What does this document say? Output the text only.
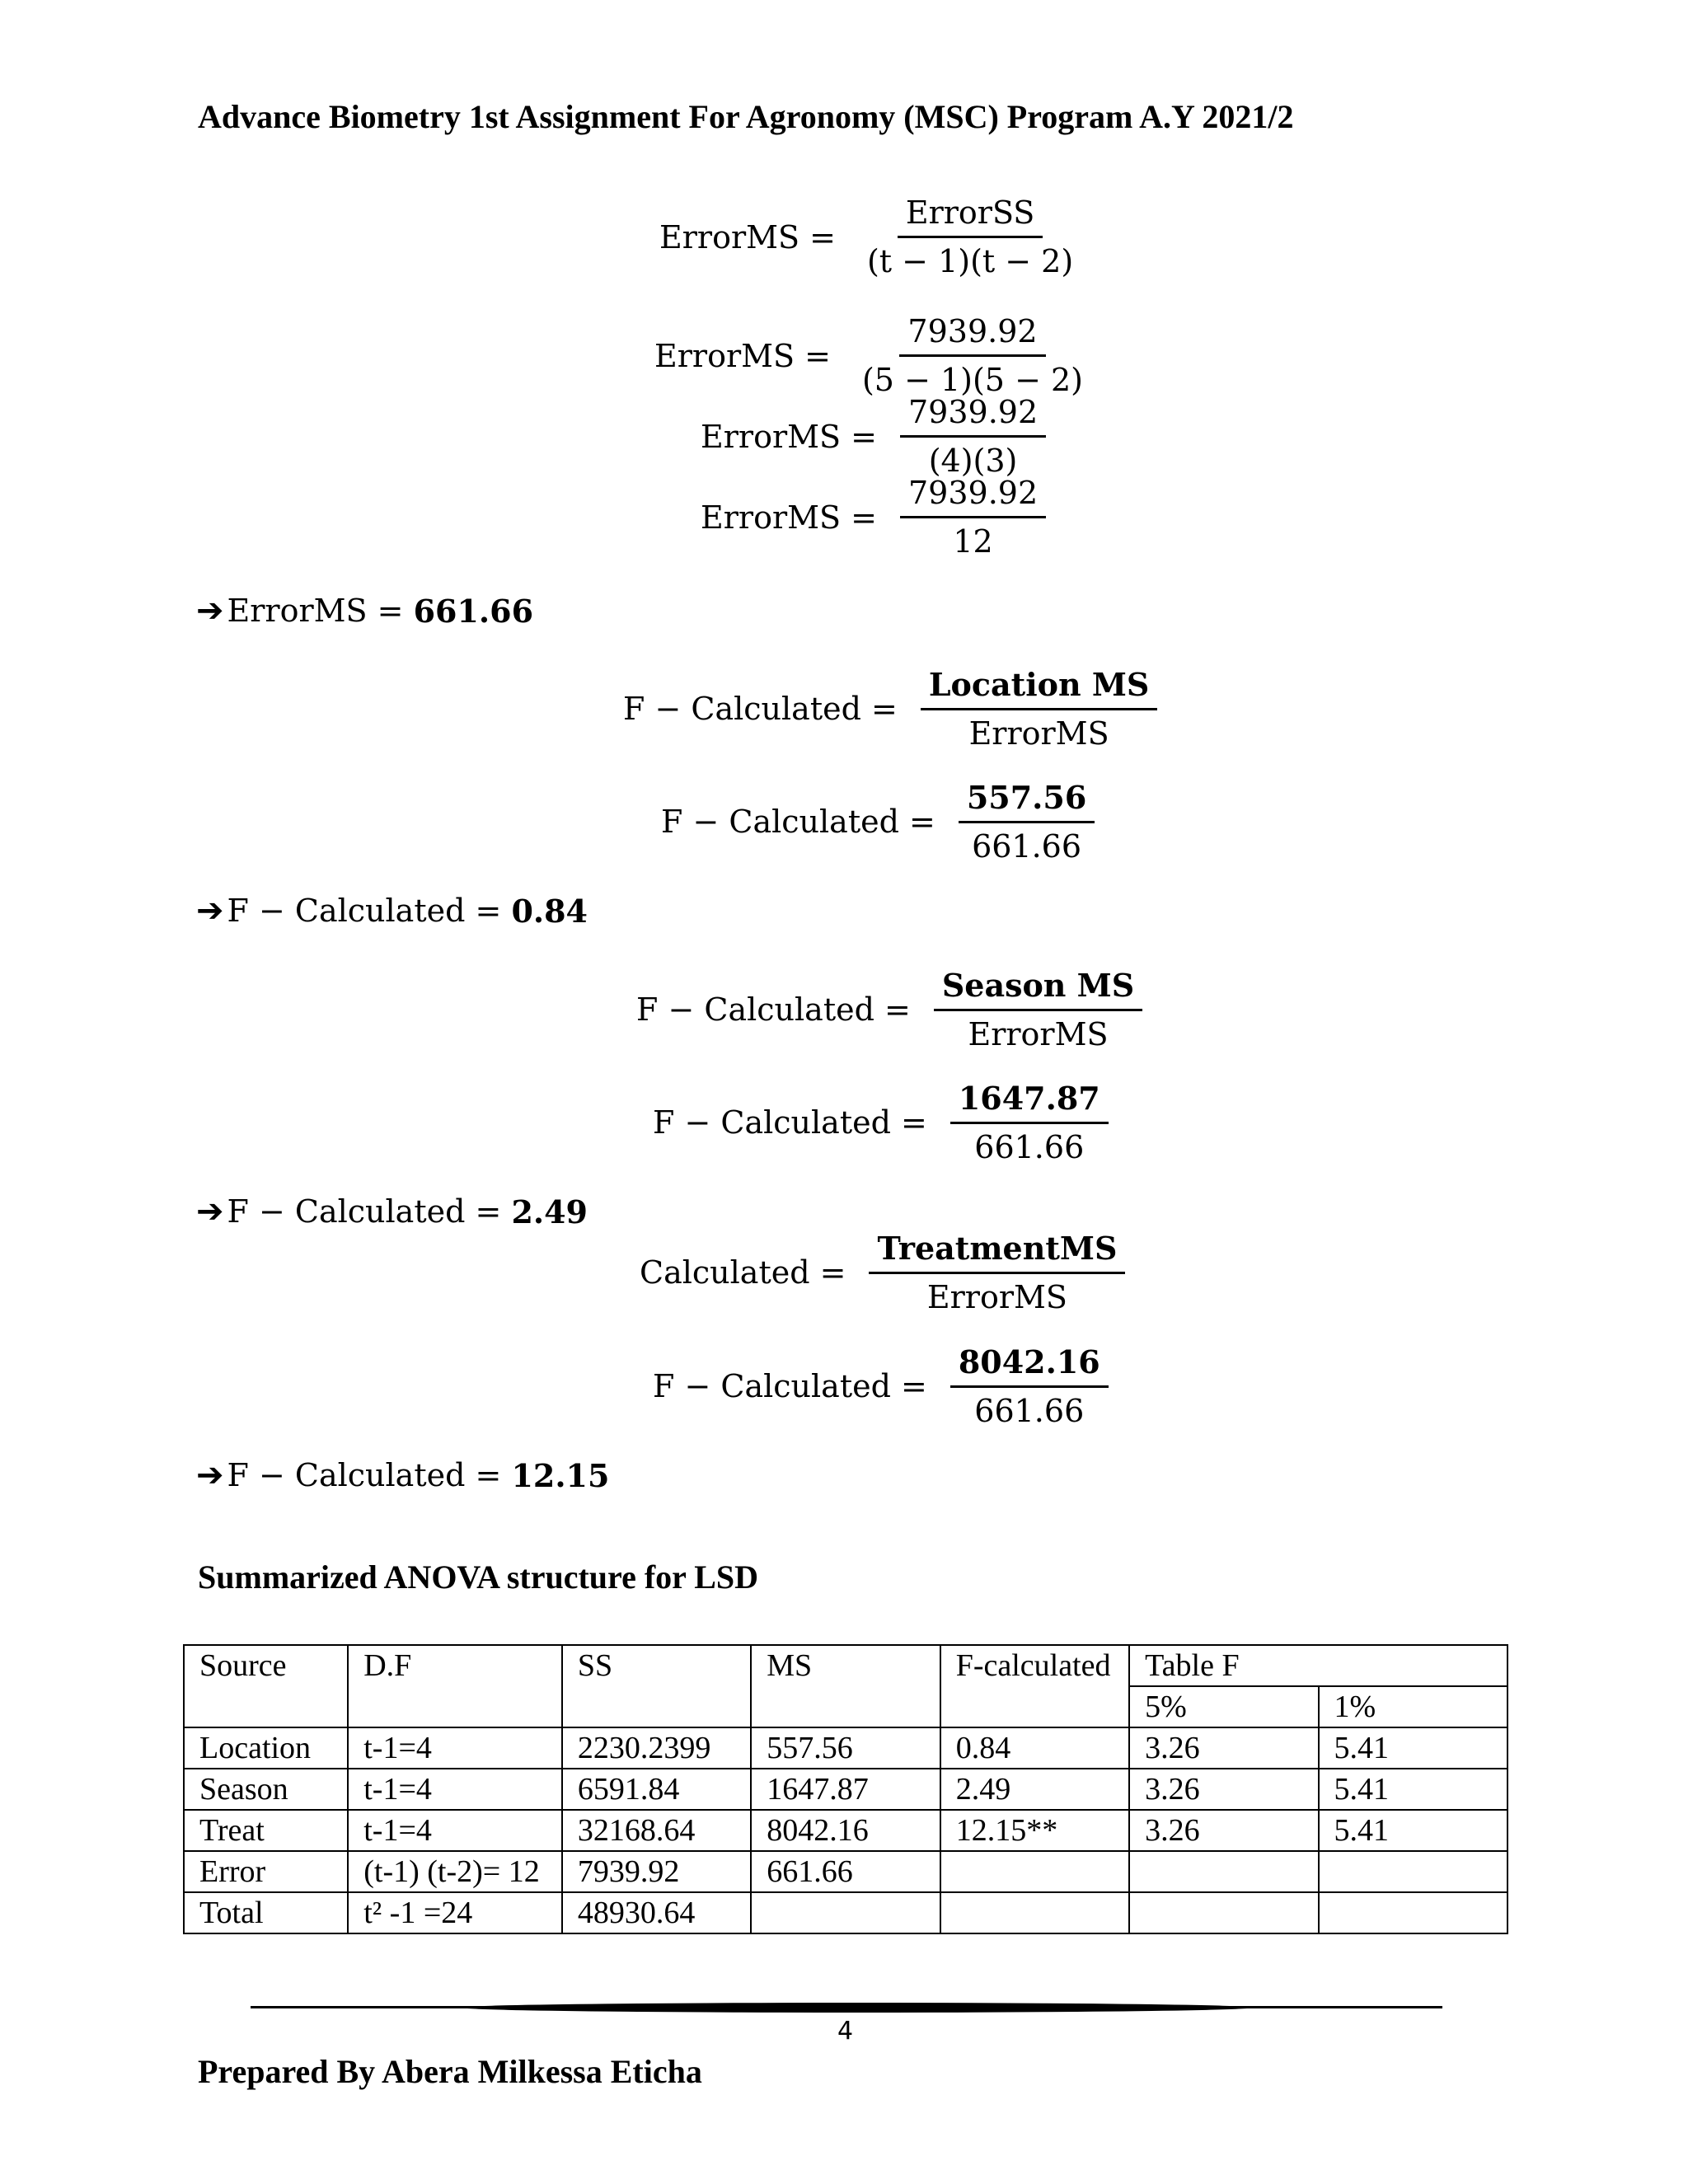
Advance Biometry 1st Assignment For Agronomy (MSC) Program A.Y 2021/2
ErrorMS = $\frac{\text{ErrorSS}}{(t - 1)(t - 2)}$
ErrorMS = $\frac{7939.92}{(5 - 1)(5 - 2)}$
ErrorMS = $\frac{7939.92}{(4)(3)}$
ErrorMS = $\frac{7939.92}{12}$
➔ ErrorMS =
661.66
F − Calculated = $\frac{\text{Location MS}}{\text{ErrorMS}}$
F − Calculated = $\frac{557.56}{661.66}$
➔ F − Calculated =
0.84
F − Calculated = $\frac{\text{Season MS}}{\text{ErrorMS}}$
F − Calculated = $\frac{1647.87}{661.66}$
➔ F − Calculated =
2.49
Calculated = $\frac{\text{TreatmentMS}}{\text{ErrorMS}}$
F − Calculated = $\frac{8042.16}{661.66}$
➔ F − Calculated =
12.15
Summarized ANOVA structure for LSD
Source	D.F	SS	MS	F-calculated	Table F	
					5%	1%
Location	t-1=4	2230.2399	557.56	0.84	3.26	5.41
Season	t-1=4	6591.84	1647.87	2.49	3.26	5.41
Treat	t-1=4	32168.64	8042.16	12.15**	3.26	5.41
Error	(t-1) (t-2)= 12	7939.92	661.66			
Total	t² -1 =24	48930.64				
4
Prepared By Abera Milkessa Eticha
